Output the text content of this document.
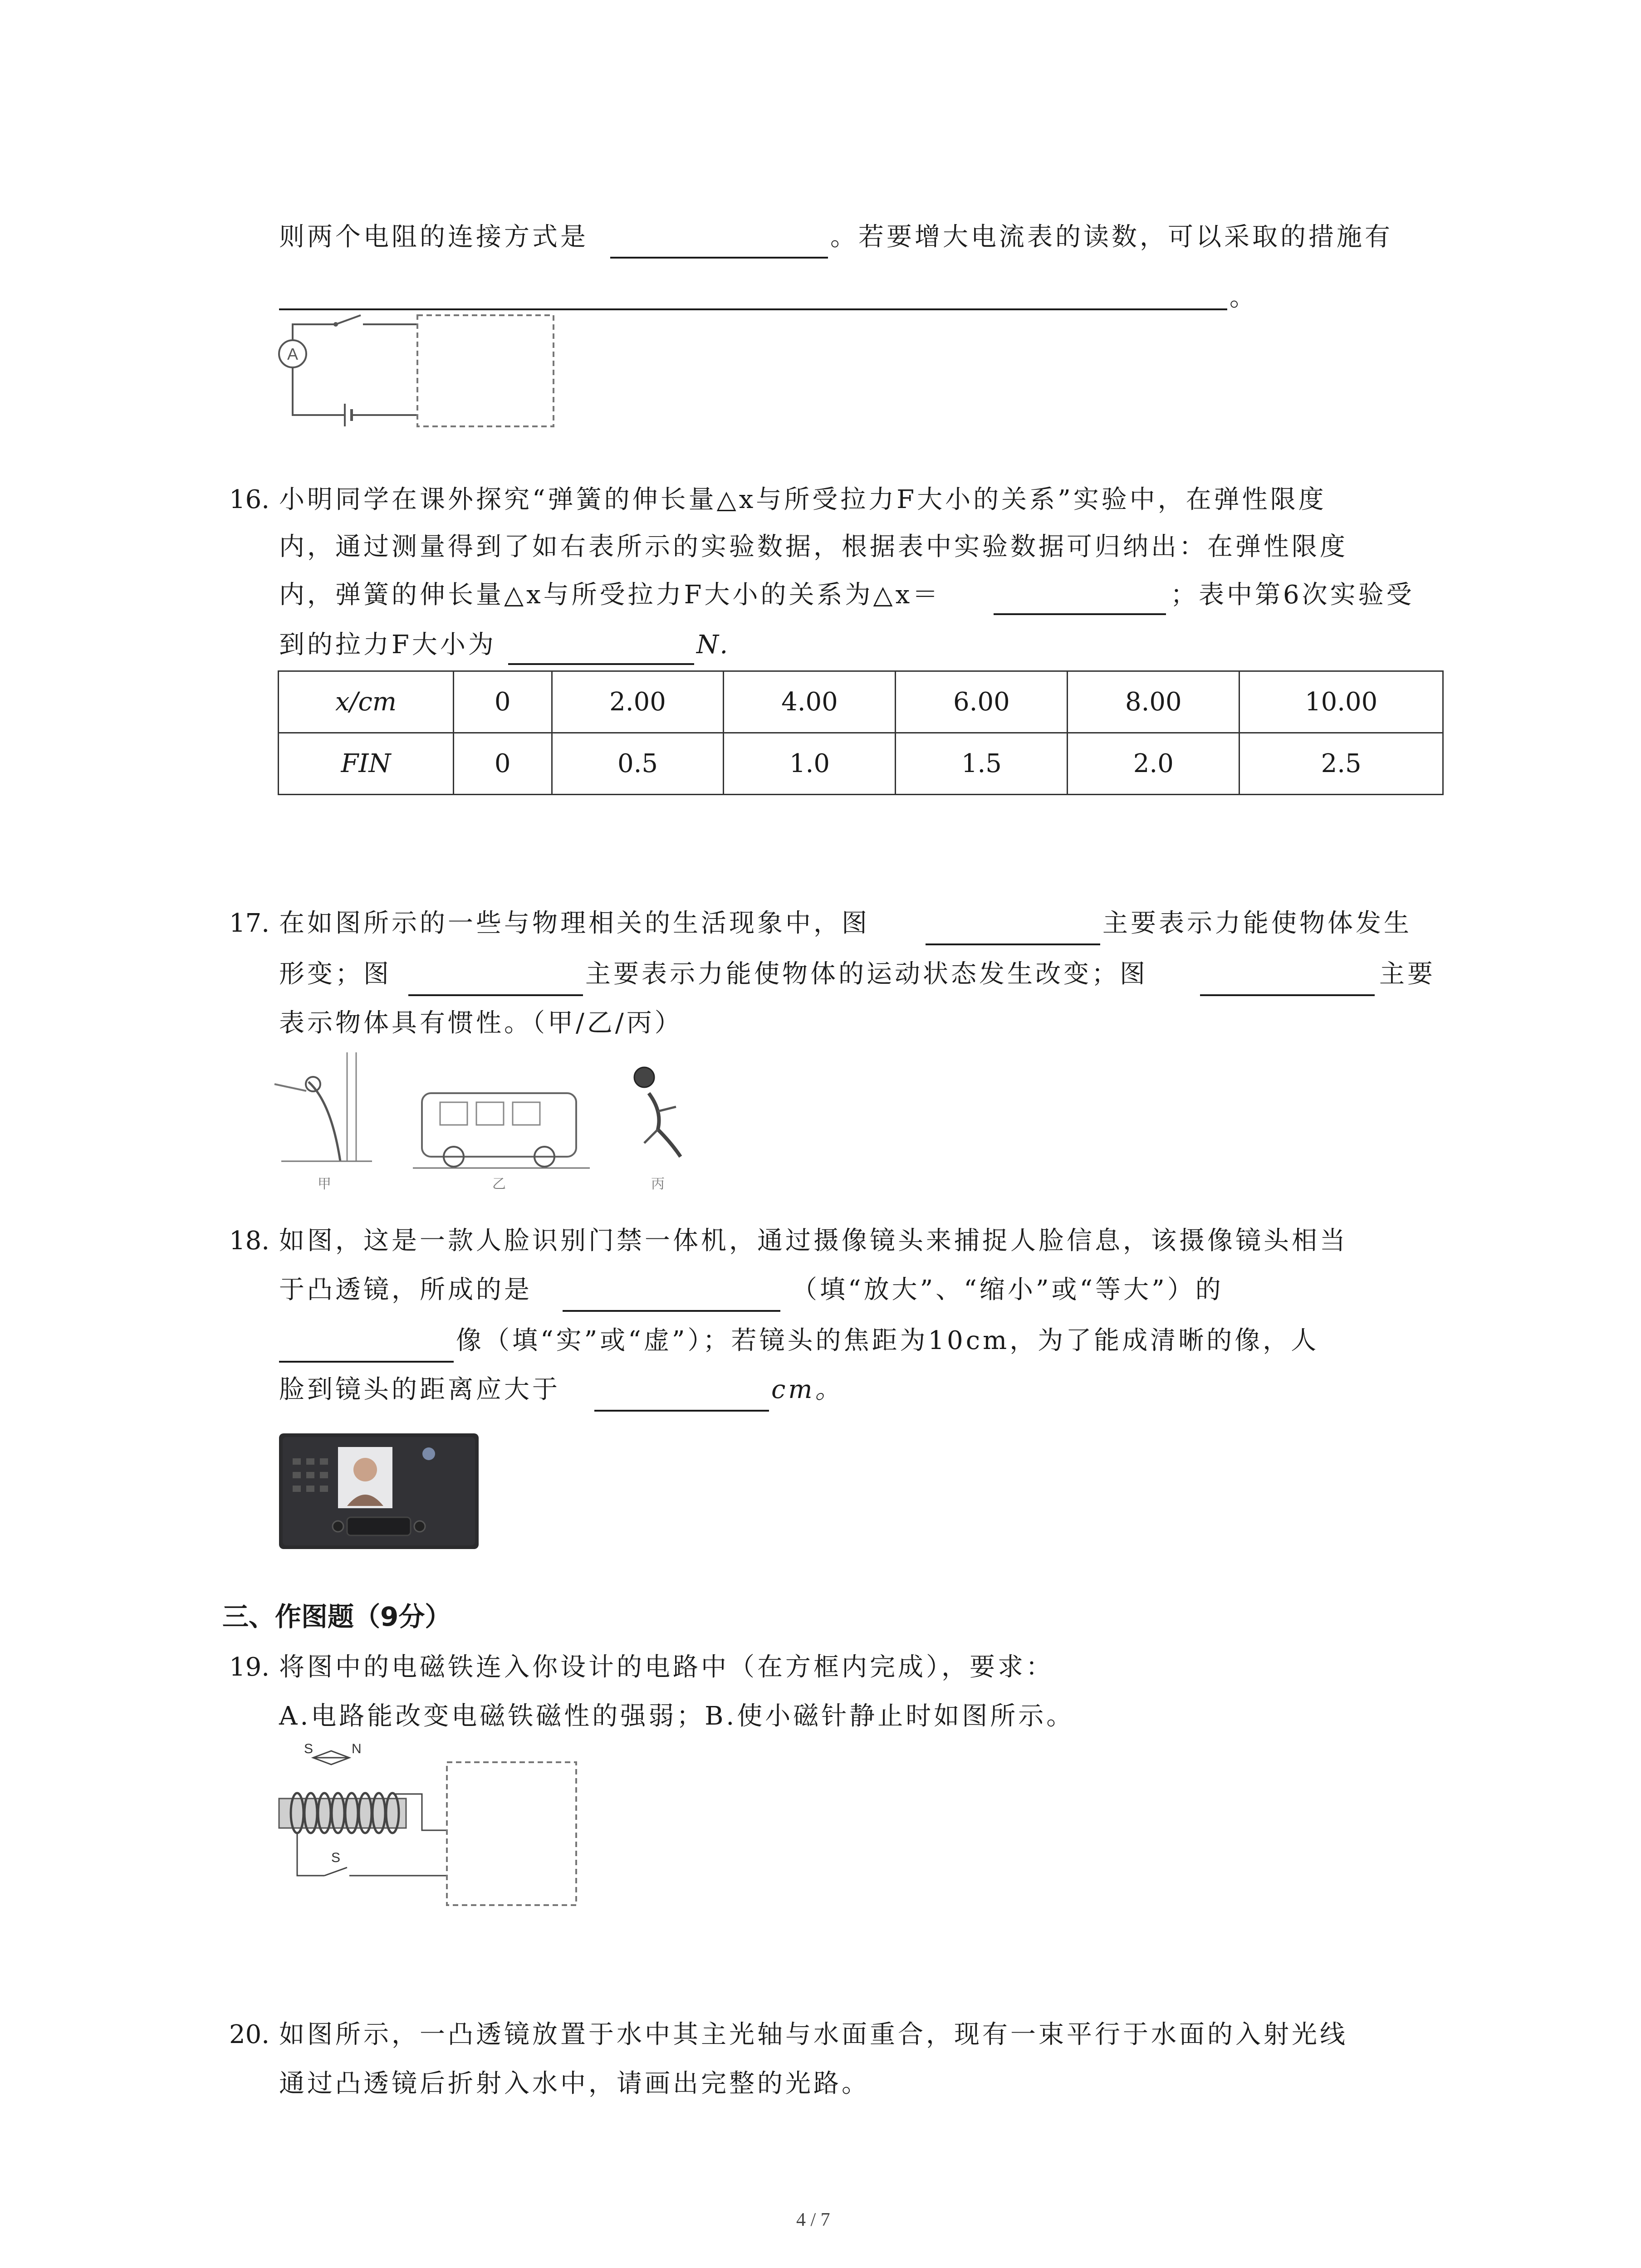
则两个电阻的连接方式是	。若要增大电流表的读数，可以采取的措施有
。
A
16. 小明同学在课外探究“弹簧的伸长量△x与所受拉力F大小的关系”实验中，在弹性限度
内，通过测量得到了如右表所示的实验数据，根据表中实验数据可归纳出：在弹性限度
内，弹簧的伸长量△x与所受拉力F大小的关系为△x＝	；表中第6次实验受
到的拉力F大小为	N.
x/cm	0	2.00	4.00	6.00	8.00	10.00
FIN	0	0.5	1.0	1.5	2.0	2.5
17. 在如图所示的一些与物理相关的生活现象中，图	主要表示力能使物体发生
形变；图	主要表示力能使物体的运动状态发生改变；图	主要
表示物体具有惯性。（甲/乙/丙）
甲	乙	丙
18. 如图，这是一款人脸识别门禁一体机，通过摄像镜头来捕捉人脸信息，该摄像镜头相当
于凸透镜，所成的是	（填“放大”、“缩小”或“等大”）的
像（填“实”或“虚”）；若镜头的焦距为10cm，为了能成清晰的像，人
脸到镜头的距离应大于	cm。
三、作图题（9分）
19. 将图中的电磁铁连入你设计的电路中（在方框内完成），要求：
A.电路能改变电磁铁磁性的强弱；B.使小磁针静止时如图所示。
S	N
S
20. 如图所示，一凸透镜放置于水中其主光轴与水面重合，现有一束平行于水面的入射光线
通过凸透镜后折射入水中，请画出完整的光路。
4 / 7
